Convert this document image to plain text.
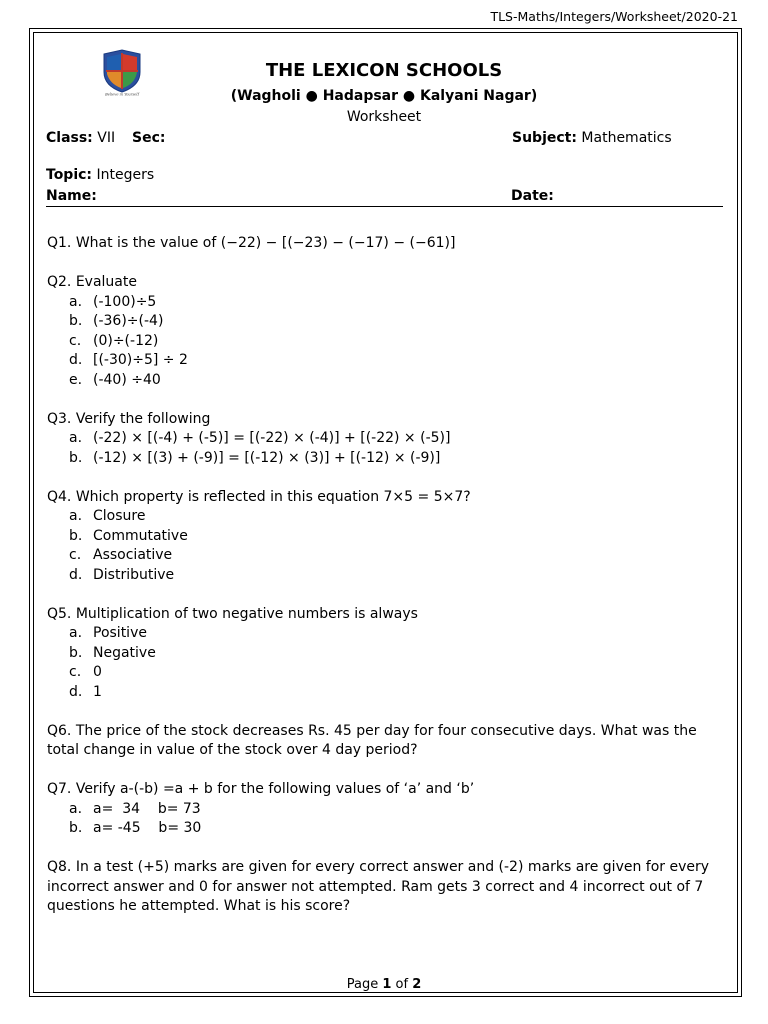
TLS-Maths/Integers/Worksheet/2020-21
Believe in Yourself
THE LEXICON SCHOOLS
(Wagholi ● Hadapsar ● Kalyani Nagar)
Worksheet
Class: VII Sec:	Subject: Mathematics
Topic: Integers
Name:	Date:
Q1. What is the value of (−22) − [(−23) − (−17) − (−61)]
Q2. Evaluate
a. (-100)÷5
b. (-36)÷(-4)
c. (0)÷(-12)
d. [(-30)÷5] ÷ 2
e. (-40) ÷40
Q3. Verify the following
a. (-22) × [(-4) + (-5)] = [(-22) × (-4)] + [(-22) × (-5)]
b. (-12) × [(3) + (-9)] = [(-12) × (3)] + [(-12) × (-9)]
Q4. Which property is reflected in this equation 7×5 = 5×7?
a. Closure
b. Commutative
c. Associative
d. Distributive
Q5. Multiplication of two negative numbers is always
a. Positive
b. Negative
c. 0
d. 1
Q6. The price of the stock decreases Rs. 45 per day for four consecutive days. What was the total change in value of the stock over 4 day period?
Q7. Verify a-(-b) =a + b for the following values of ‘a’ and ‘b’
a. a=  34    b= 73
b. a= -45    b= 30
Q8. In a test (+5) marks are given for every correct answer and (-2) marks are given for every incorrect answer and 0 for answer not attempted. Ram gets 3 correct and 4 incorrect out of 7 questions he attempted. What is his score?
Page 1 of 2
